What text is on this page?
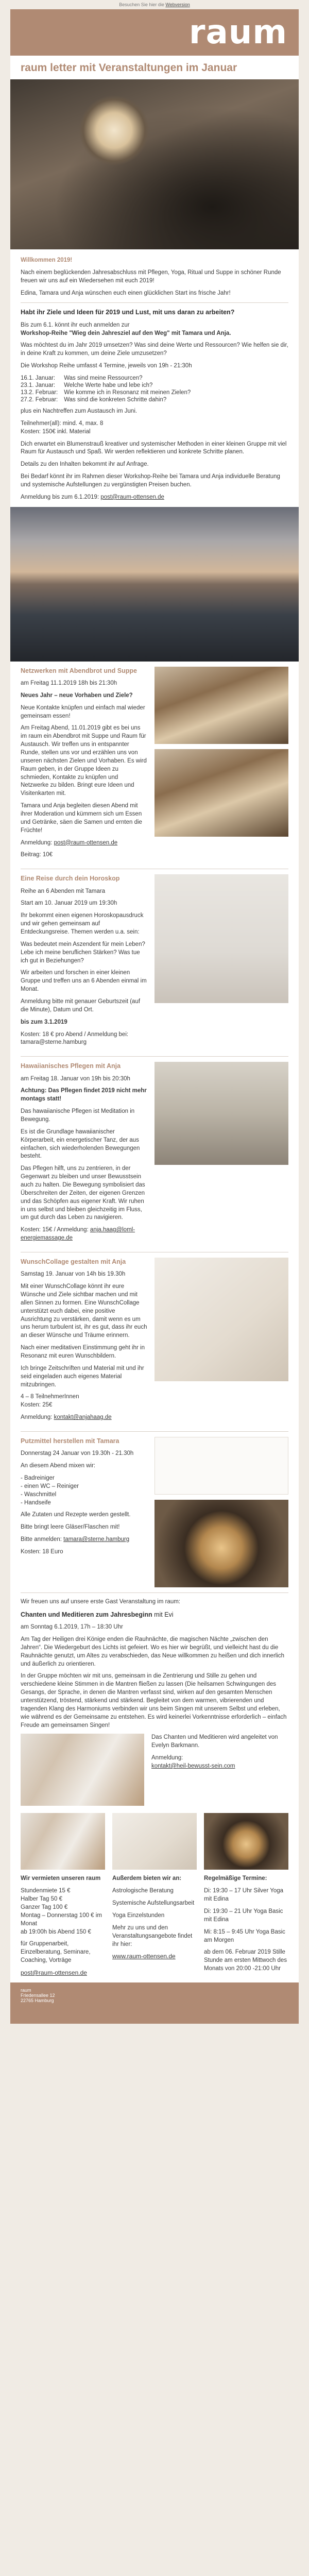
Besuchen Sie hier die Webversion
raum
raum letter mit Veranstaltungen im Januar

Willkommen 2019!

Nach einem beglückenden Jahresabschluss mit Pflegen, Yoga, Ritual und Suppe in schöner Runde freuen wir uns auf ein Wiedersehen mit euch 2019!

Edina, Tamara und Anja wünschen euch einen glücklichen Start ins frische Jahr!

Habt ihr Ziele und Ideen für 2019 und Lust, mit uns daran zu arbeiten?

Bis zum 6.1. könnt ihr euch anmelden zur

Workshop-Reihe "Wieg dein Jahresziel auf den Weg" mit Tamara und Anja.

Was möchtest du im Jahr 2019 umsetzen? Was sind deine Werte und Ressourcen? Wie helfen sie dir, in deine Kraft zu kommen, um deine Ziele umzusetzen?

Die Workshop Reihe umfasst 4 Termine, jeweils von 19h - 21:30h

16.1. Januar:	Was sind meine Ressourcen?
23.1. Januar:	Welche Werte habe und lebe ich?
13.2. Februar:	Wie komme ich in Resonanz mit meinen Zielen?
27.2. Februar:	Was sind die konkreten Schritte dahin?

plus ein Nachtreffen zum Austausch im Juni.

Teilnehmer(all): mind. 4, max. 8

Kosten: 150€ inkl. Material

Dich erwartet ein Blumenstrauß kreativer und systemischer Methoden in einer kleinen Gruppe mit viel Raum für Austausch und Spaß. Wir werden reflektieren und konkrete Schritte planen.

Details zu den Inhalten bekommt ihr auf Anfrage.

Bei Bedarf könnt ihr im Rahmen dieser Workshop-Reihe bei Tamara und Anja individuelle Beratung und systemische Aufstellungen zu vergünstigten Preisen buchen.

Anmeldung bis zum 6.1.2019: post@raum-ottensen.de

Netzwerken mit Abendbrot und Suppe

am Freitag 11.1.2019 18h bis 21:30h

Neues Jahr – neue Vorhaben und Ziele?

Neue Kontakte knüpfen und einfach mal wieder gemeinsam essen!

Am Freitag Abend, 11.01.2019 gibt es bei uns im raum ein Abendbrot mit Suppe und Raum für Austausch. Wir treffen uns in entspannter Runde, stellen uns vor und erzählen uns von unseren nächsten Zielen und Vorhaben. Es wird Raum geben, in der Gruppe Ideen zu schmieden, Kontakte zu knüpfen und Netzwerke zu bilden. Bringt eure Ideen und Visitenkarten mit.

Tamara und Anja begleiten diesen Abend mit ihrer Moderation und kümmern sich um Essen und Getränke, säen die Samen und ernten die Früchte!

Anmeldung: post@raum-ottensen.de

Beitrag: 10€

Eine Reise durch dein Horoskop

Reihe an 6 Abenden mit Tamara

Start am 10. Januar 2019 um 19:30h

Ihr bekommt einen eigenen Horoskopausdruck und wir gehen gemeinsam auf Entdeckungsreise. Themen werden u.a. sein:

Was bedeutet mein Aszendent für mein Leben? Lebe ich meine beruflichen Stärken? Was tue ich gut in Beziehungen?

Wir arbeiten und forschen in einer kleinen Gruppe und treffen uns an 6 Abenden einmal im Monat.

Anmeldung bitte mit genauer Geburtszeit (auf die Minute), Datum und Ort.

bis zum 3.1.2019

Kosten: 18 € pro Abend / Anmeldung bei: tamara@sterne.hamburg

Hawaiianisches Pflegen mit Anja

am Freitag 18. Januar von 19h bis 20:30h

Achtung: Das Pflegen findet 2019 nicht mehr montags statt!

Das hawaiianische Pflegen ist Meditation in Bewegung.

Es ist die Grundlage hawaiianischer Körperarbeit, ein energetischer Tanz, der aus einfachen, sich wiederholenden Bewegungen besteht.

Das Pflegen hilft, uns zu zentrieren, in der Gegenwart zu bleiben und unser Bewusstsein auch zu halten. Die Bewegung symbolisiert das Überschreiten der Zeiten, der eigenen Grenzen und das Schöpfen aus eigener Kraft. Wir ruhen in uns selbst und bleiben gleichzeitig im Fluss, um gut durch das Leben zu navigieren.

Kosten: 15€ / Anmeldung: anja.haag@loml-energiemassage.de

WunschCollage gestalten mit Anja

Samstag 19. Januar von 14h bis 19.30h

Mit einer WunschCollage könnt ihr eure Wünsche und Ziele sichtbar machen und mit allen Sinnen zu formen. Eine WunschCollage unterstützt euch dabei, eine positive Ausrichtung zu verstärken, damit wenn es um uns herum turbulent ist, ihr es gut, dass ihr euch an dieser Wünsche und Träume erinnern.

Nach einer meditativen Einstimmung geht ihr in Resonanz mit euren Wunschbildern.

Ich bringe Zeitschriften und Material mit und ihr seid eingeladen auch eigenes Material mitzubringen.

4 – 8 TeilnehmerInnen

Kosten: 25€

Anmeldung: kontakt@anjahaag.de

Putzmittel herstellen mit Tamara

Donnerstag 24 Januar von 19.30h - 21.30h

An diesem Abend mixen wir:

- Badreiniger

- einen WC – Reiniger

- Waschmittel

- Handseife

Alle Zutaten und Rezepte werden gestellt.

Bitte bringt leere Gläser/Flaschen mit!

Bitte anmelden: tamara@sterne.hamburg

Kosten: 18 Euro

Wir freuen uns auf unsere erste Gast Veranstaltung im raum:

Chanten und Meditieren zum Jahresbeginn mit Evi

am Sonntag 6.1.2019, 17h – 18:30 Uhr

Am Tag der Heiligen drei Könige enden die Rauhnächte, die magischen Nächte „zwischen den Jahren“. Die Wiedergeburt des Lichts ist gefeiert. Wo es hier wir begrüßt, und vielleicht hast du die Rauhnächte genutzt, um Altes zu verabschieden, das Neue willkommen zu heißen und dich innerlich und äußerlich zu orientieren.

In der Gruppe möchten wir mit uns, gemeinsam in die Zentrierung und Stille zu gehen und verschiedene kleine Stimmen in die Mantren fließen zu lassen (Die heilsamen Schwingungen des Gesangs, der Sprache, in denen die Mantren verfasst sind, wirken auf den gesamten Menschen unterstützend, tröstend, stärkend und stärkend. Begleitet von dem warmen, vibrierenden und tragenden Klang des Harmoniums verbinden wir uns beim Singen mit unserem Selbst und erleben, wie während es der Gemeinsame zu entstehen. Es wird keinerlei Vorkenntnisse erforderlich – einfach Freude am gemeinsamen Singen!

Das Chanten und Meditieren wird angeleitet von Evelyn Barkmann.

Anmeldung:
kontakt@heil-bewusst-sein.com

Wir vermieten unseren raum

Stundenmiete 15 €

Halber Tag 50 €

Ganzer Tag 100 €

Montag – Donnerstag 100 € im Monat

ab 19:00h bis Abend 150 €

für Gruppenarbeit, Einzelberatung, Seminare, Coaching, Vorträge

post@raum-ottensen.de

Außerdem bieten wir an:

Astrologische Beratung

Systemische Aufstellungsarbeit

Yoga Einzelstunden

Mehr zu uns und den Veranstaltungsangebote findet ihr hier:

www.raum-ottensen.de

Regelmäßige Termine:

Di: 19:30 – 17 Uhr Silver Yoga mit Edina

Di: 19:30 – 21 Uhr Yoga Basic mit Edina

Mi: 8:15 – 9:45 Uhr Yoga Basic am Morgen

ab dem 06. Februar 2019 Stille Stunde am ersten Mittwoch des Monats von 20:00 -21:00 Uhr

raum
Friedensallee 12
22765 Hamburg
